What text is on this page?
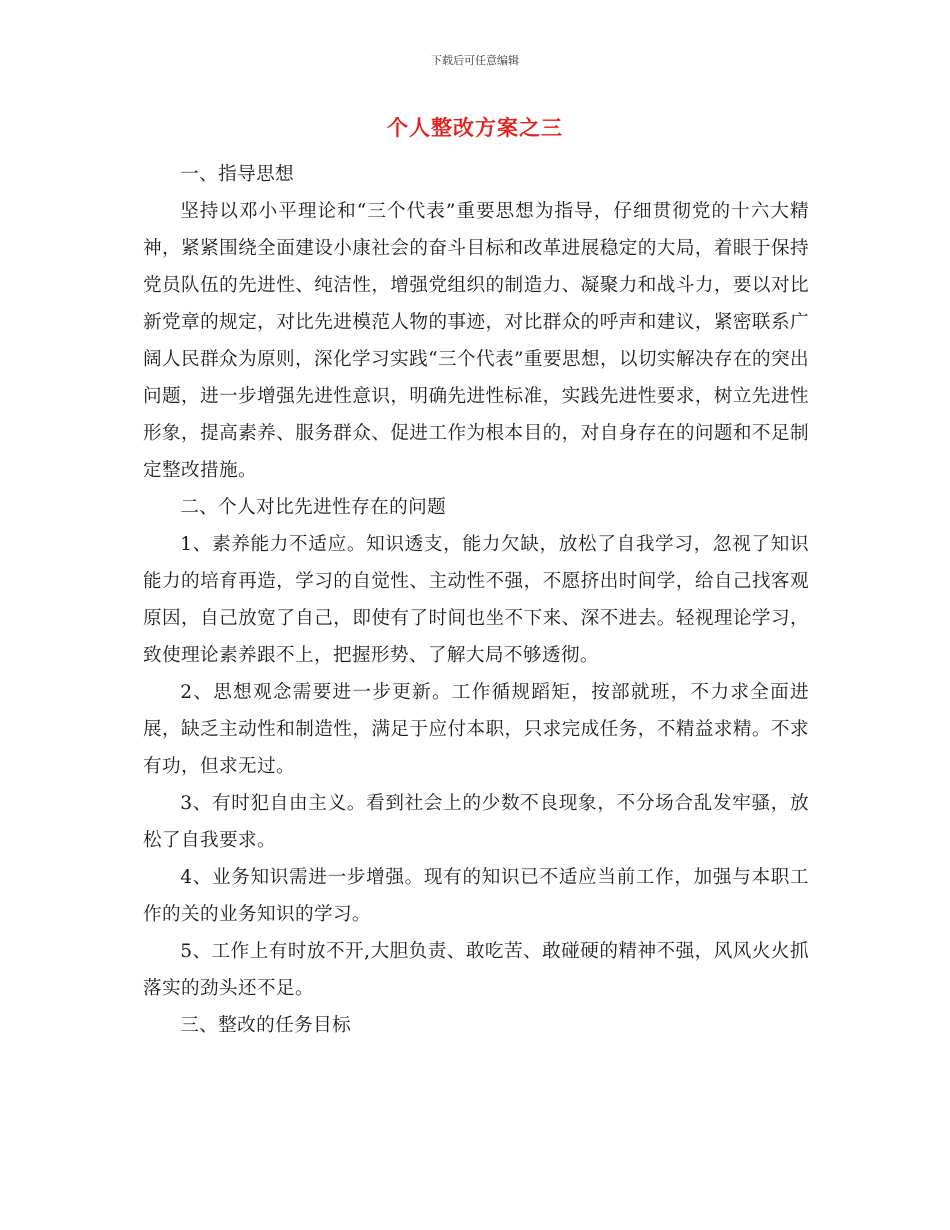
下载后可任意编辑
个人整改方案之三

一、指导思想

坚持以邓小平理论和“三个代表”重要思想为指导，仔细贯彻党的十六大精神，紧紧围绕全面建设小康社会的奋斗目标和改革进展稳定的大局，着眼于保持党员队伍的先进性、纯洁性，增强党组织的制造力、凝聚力和战斗力，要以对比新党章的规定，对比先进模范人物的事迹，对比群众的呼声和建议，紧密联系广阔人民群众为原则，深化学习实践“三个代表”重要思想，以切实解决存在的突出问题，进一步增强先进性意识，明确先进性标准，实践先进性要求，树立先进性形象，提高素养、服务群众、促进工作为根本目的，对自身存在的问题和不足制定整改措施。

二、个人对比先进性存在的问题

1、素养能力不适应。知识透支，能力欠缺，放松了自我学习，忽视了知识能力的培育再造，学习的自觉性、主动性不强，不愿挤出时间学，给自己找客观原因，自己放宽了自己，即使有了时间也坐不下来、深不进去。轻视理论学习，致使理论素养跟不上，把握形势、了解大局不够透彻。

2、思想观念需要进一步更新。工作循规蹈矩，按部就班，不力求全面进展，缺乏主动性和制造性，满足于应付本职，只求完成任务，不精益求精。不求有功，但求无过。

3、有时犯自由主义。看到社会上的少数不良现象，不分场合乱发牢骚，放松了自我要求。

4、业务知识需进一步增强。现有的知识已不适应当前工作，加强与本职工作的关的业务知识的学习。

5、工作上有时放不开,大胆负责、敢吃苦、敢碰硬的精神不强，风风火火抓落实的劲头还不足。

三、整改的任务目标
